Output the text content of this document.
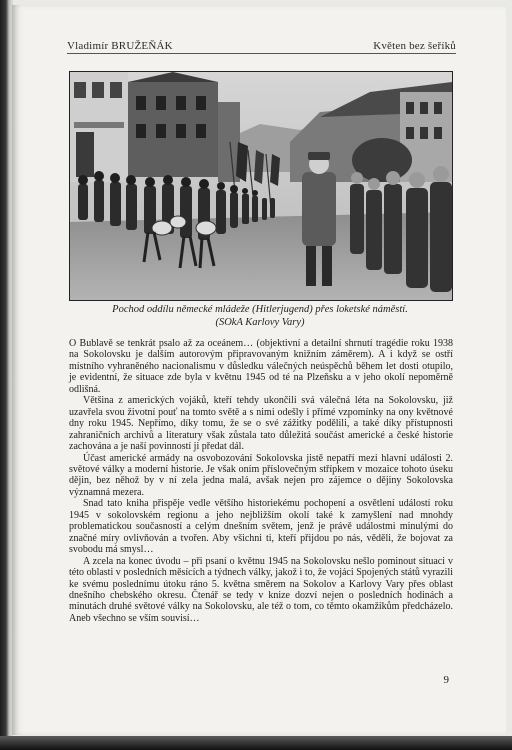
Vladimír BRUŽEŇÁK	Květen bez šeříků
Pochod oddílu německé mládeže (Hitlerjugend) přes loketské náměstí.
(SOkA Karlovy Vary)

O Bublavě se tenkrát psalo až za oceánem… (objektivní a detailní shrnutí tragédie roku 1938 na Sokolovsku je dalším autorovým připravovaným knižním záměrem). A i když se ostří místního vyhraněného nacionalismu v důsledku válečných neúspěchů během let dosti otupilo, je evidentní, že situace zde byla v květnu 1945 od té na Plzeňsku a v jeho okolí nepoměrně odlišná.

Většina z amerických vojáků, kteří tehdy ukončili svá válečná léta na Sokolovsku, již uzavřela svou životní pouť na tomto světě a s nimi odešly i přímé vzpomínky na ony květnové dny roku 1945. Nepřímo, díky tomu, že se o své zážitky podělili, a také díky přístupnosti zahraničních archivů a literatury však zůstala tato důležitá součást americké a české historie zachována a je naší povinností ji předat dál.

Účast americké armády na osvobozování Sokolovska jistě nepatří mezi hlavní události 2. světové války a moderní historie. Je však oním příslovečným střípkem v mozaice tohoto úseku dějin, bez něhož by v ní zela jedna malá, avšak nejen pro zájemce o dějiny Sokolovska významná mezera.

Snad tato kniha přispěje vedle většího historiekému pochopení a osvětlení událostí roku 1945 v sokolovském regionu a jeho nejbližším okolí také k zamyšlení nad mnohdy problematickou současností a celým dnešním světem, jenž je právě událostmi minulými do značné míry ovlivňován a tvořen. Aby všichni ti, kteří přijdou po nás, věděli, že bojovat za svobodu má smysl…

A zcela na konec úvodu – při psaní o květnu 1945 na Sokolovsku nešlo pominout situaci v této oblasti v posledních měsících a týdnech války, jakož i to, že vojáci Spojených států vyrazili ke svému poslednímu útoku ráno 5. května směrem na Sokolov a Karlovy Vary přes oblast dnešního chebského okresu. Čtenář se tedy v knize dozví nejen o posledních hodinách a minutách druhé světové války na Sokolovsku, ale též o tom, co těmto okamžikům předcházelo. Aneb všechno se vším souvisí…

9
